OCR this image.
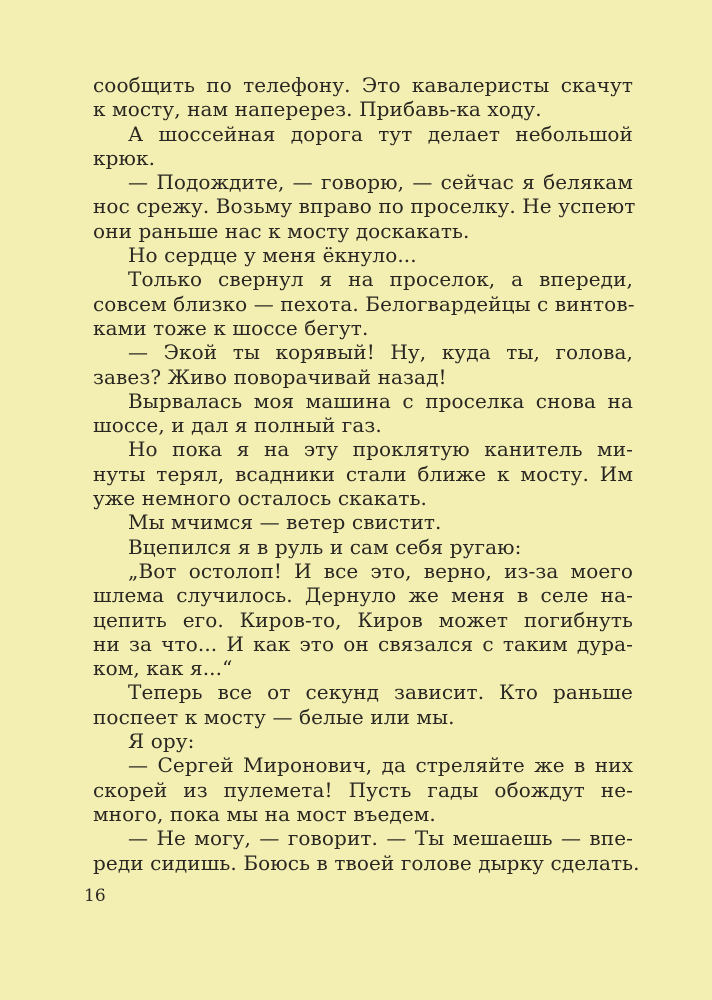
сообщить по телефону. Это кавалеристы скачут
к мосту, нам наперерез. Прибавь-ка ходу.
А шоссейная дорога тут делает небольшой
крюк.
— Подождите, — говорю, — сейчас я белякам
нос срежу. Возьму вправо по проселку. Не успеют
они раньше нас к мосту доскакать.
Но сердце у меня ёкнуло...
Только свернул я на проселок, а впереди,
совсем близко — пехота. Белогвардейцы с винтов-
ками тоже к шоссе бегут.
— Экой ты корявый! Ну, куда ты, голова,
завез? Живо поворачивай назад!
Вырвалась моя машина с проселка снова на
шоссе, и дал я полный газ.
Но пока я на эту проклятую канитель ми-
нуты терял, всадники стали ближе к мосту. Им
уже немного осталось скакать.
Мы мчимся — ветер свистит.
Вцепился я в руль и сам себя ругаю:
„Вот остолоп! И все это, верно, из-за моего
шлема случилось. Дернуло же меня в селе на-
цепить его. Киров-то, Киров может погибнуть
ни за что... И как это он связался с таким дура-
ком, как я...“
Теперь все от секунд зависит. Кто раньше
поспеет к мосту — белые или мы.
Я ору:
— Сергей Миронович, да стреляйте же в них
скорей из пулемета! Пусть гады обождут не-
много, пока мы на мост въедем.
— Не могу, — говорит. — Ты мешаешь — впе-
реди сидишь. Боюсь в твоей голове дырку сделать.
16
